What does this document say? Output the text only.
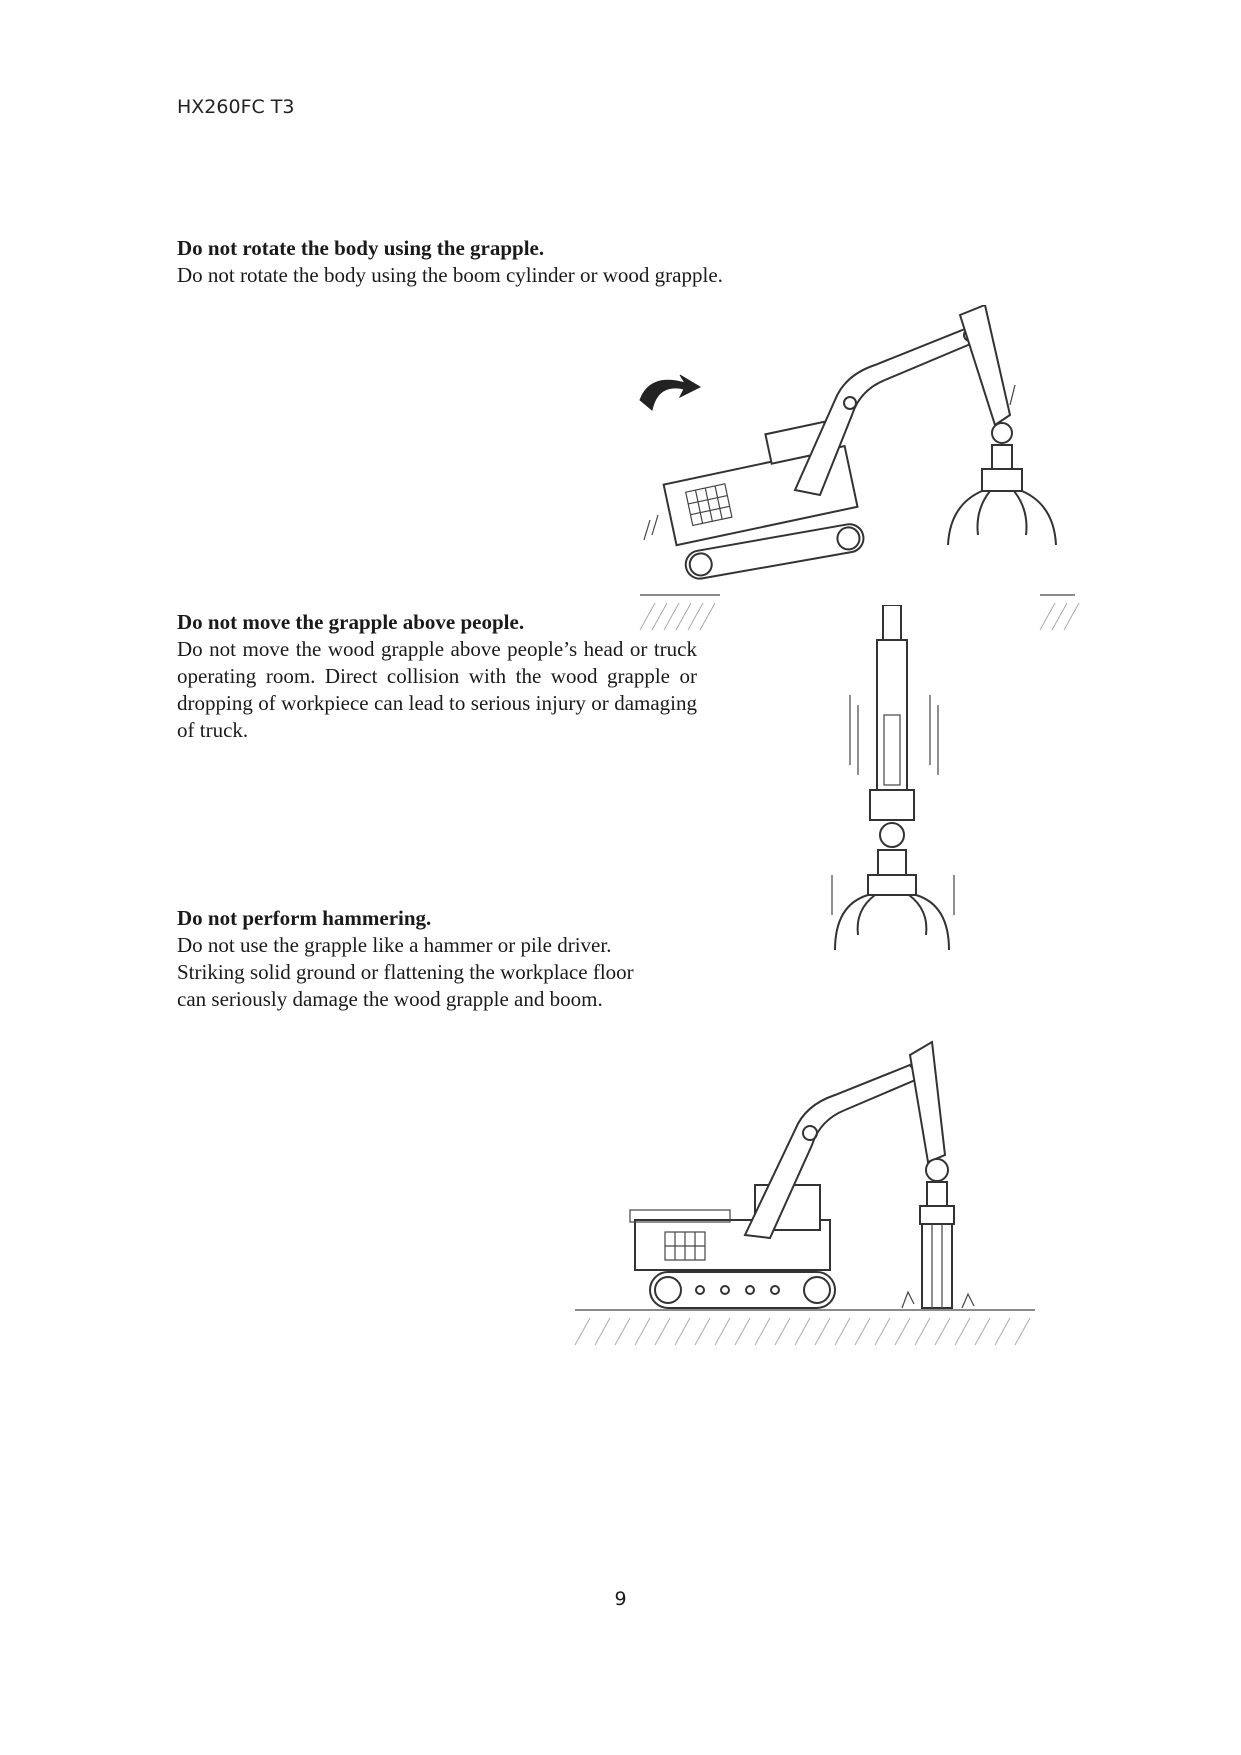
HX260FC T3
Do not rotate the body using the grapple.

Do not rotate the body using the boom cylinder or wood grapple.

Do not move the grapple above people.

Do not move the wood grapple above people’s head or truck operating room. Direct collision with the wood grapple or dropping of workpiece can lead to serious injury or damaging of truck.

Do not perform hammering.

Do not use the grapple like a hammer or pile driver.

Striking solid ground or flattening the workplace floor

can seriously damage the wood grapple and boom.

9
